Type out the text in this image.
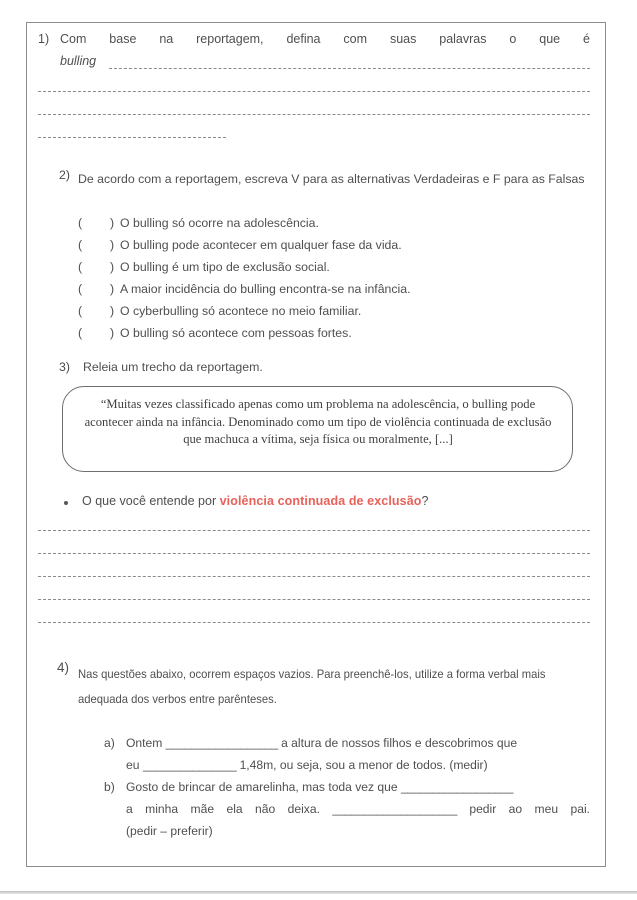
1) Com base na reportagem, defina com suas palavras o que é
bulling
2) De acordo com a reportagem, escreva V para as alternativas Verdadeiras e F para as Falsas
( ) O bulling só ocorre na adolescência.
( ) O bulling pode acontecer em qualquer fase da vida.
( ) O bulling é um tipo de exclusão social.
( ) A maior incidência do bulling encontra-se na infância.
( ) O cyberbulling só acontece no meio familiar.
( ) O bulling só acontece com pessoas fortes.
3) Releia um trecho da reportagem.
“Muitas vezes classificado apenas como um problema na adolescência, o bulling pode acontecer ainda na infância. Denominado como um tipo de violência continuada de exclusão que machuca a vítima, seja física ou moralmente, [...]
O que você entende por violência continuada de exclusão?
4) Nas questões abaixo, ocorrem espaços vazios. Para preenchê-los, utilize a forma verbal mais adequada dos verbos entre parênteses.
a) Ontem __________________ a altura de nossos filhos e descobrimos que
eu _______________ 1,48m, ou seja, sou a menor de todos. (medir)
b) Gosto de brincar de amarelinha, mas toda vez que __________________
a minha mãe ela não deixa. ____________________ pedir ao meu pai.
(pedir – preferir)
